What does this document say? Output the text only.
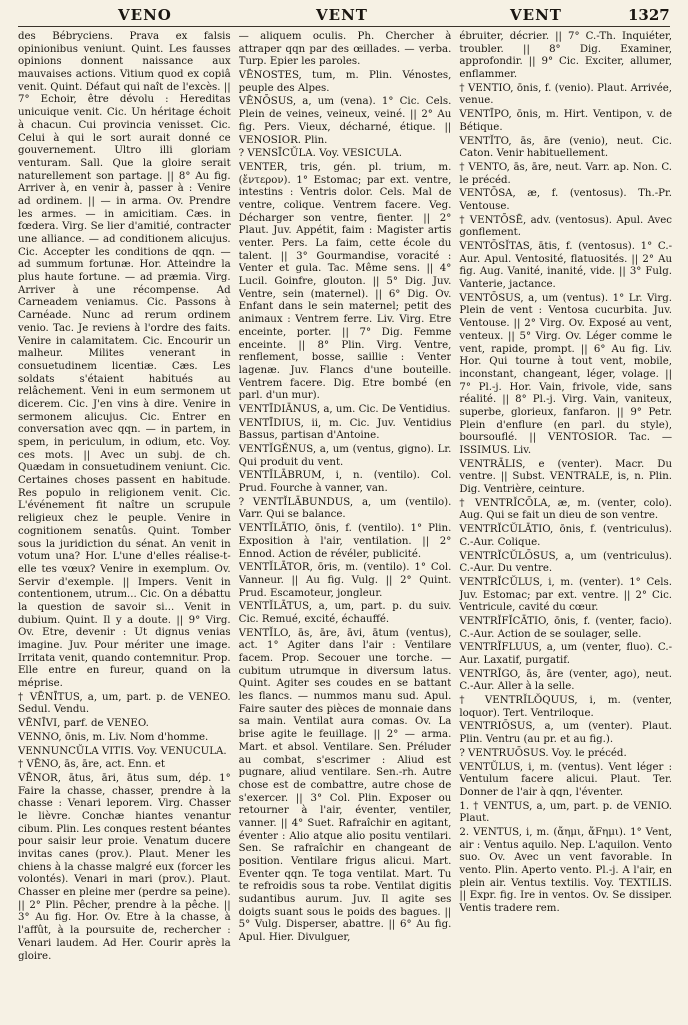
VENO	VENT	VENT	1327

des Bébryciens. Prava ex falsis opinionibus veniunt. Quint. Les fausses opinions donnent naissance aux mauvaises actions. Vitium quod ex copiâ venit. Quint. Défaut qui naît de l'excès. || 7° Echoir, être dévolu : Hereditas unicuique venit. Cic. Un héritage échoit à chacun. Cui provincia venisset. Cic. Celui à qui le sort aurait donné ce gouvernement. Ultro illi gloriam venturam. Sall. Que la gloire serait naturellement son partage. || 8° Au fig. Arriver à, en venir à, passer à : Venire ad ordinem. || — in arma. Ov. Prendre les armes. — in amicitiam. Cæs. in fœdera. Virg. Se lier d'amitié, contracter une alliance. — ad conditionem alicujus. Cic. Accepter les conditions de qqn. — ad summum fortunæ. Hor. Atteindre la plus haute fortune. — ad præmia. Virg. Arriver à une récompense. Ad Carneadem veniamus. Cic. Passons à Carnéade. Nunc ad rerum ordinem venio. Tac. Je reviens à l'ordre des faits. Venire in calamitatem. Cic. Encourir un malheur. Milites venerant in consuetudinem licentiæ. Cæs. Les soldats s'étaient habitués au relâchement. Veni in eum sermonem ut dicerem. Cic. J'en vins à dire. Venire in sermonem alicujus. Cic. Entrer en conversation avec qqn. — in partem, in spem, in periculum, in odium, etc. Voy. ces mots. || Avec un subj. de ch. Quædam in consuetudinem veniunt. Cic. Certaines choses passent en habitude. Res populo in religionem venit. Cic. L'événement fit naître un scrupule religieux chez le peuple. Venire in cognitionem senatûs. Quint. Tomber sous la juridiction du sénat. An venit in votum una? Hor. L'une d'elles réalise-t-elle tes vœux? Venire in exemplum. Ov. Servir d'exemple. || Impers. Venit in contentionem, utrum... Cic. On a débattu la question de savoir si... Venit in dubium. Quint. Il y a doute. || 9° Virg. Ov. Etre, devenir : Ut dignus venias imagine. Juv. Pour mériter une image. Irritata venit, quando contemnitur. Prop. Elle entre en fureur, quand on la méprise.

† VĒNĪTUS, a, um, part. p. de VENEO. Sedul. Vendu.

VĒNĪVI, parf. de VENEO.

VENNO, ōnis, m. Liv. Nom d'homme.

VENNUNCŬLA VITIS. Voy. VENUCULA.

† VĒNO, ās, āre, act. Enn. et

VĒNOR, ātus, āri, ātus sum, dép. 1° Faire la chasse, chasser, prendre à la chasse : Venari leporem. Virg. Chasser le lièvre. Conchæ hiantes venantur cibum. Plin. Les conques restent béantes pour saisir leur proie. Venatum ducere invitas canes (prov.). Plaut. Mener les chiens à la chasse malgré eux (forcer les volontés). Venari in mari (prov.). Plaut. Chasser en pleine mer (perdre sa peine). || 2° Plin. Pêcher, prendre à la pêche. || 3° Au fig. Hor. Ov. Etre à la chasse, à l'affût, à la poursuite de, rechercher : Venari laudem. Ad Her. Courir après la gloire.

— aliquem oculis. Ph. Chercher à attraper qqn par des œillades. — verba. Turp. Epier les paroles.

VĒNOSTES, tum, m. Plin. Vénostes, peuple des Alpes.

VĒNŌSUS, a, um (vena). 1° Cic. Cels. Plein de veines, veineux, veiné. || 2° Au fig. Pers. Vieux, décharné, étique. || VENOSIOR. Plin.

? VENSĪCŬLA. Voy. VESICULA.

VENTER, tris, gén. pl. trium, m. (ἔντερον). 1° Estomac; par ext. ventre, intestins : Ventris dolor. Cels. Mal de ventre, colique. Ventrem facere. Veg. Décharger son ventre, fienter. || 2° Plaut. Juv. Appétit, faim : Magister artis venter. Pers. La faim, cette école du talent. || 3° Gourmandise, voracité : Venter et gula. Tac. Même sens. || 4° Lucil. Goinfre, glouton. || 5° Dig. Juv. Ventre, sein (maternel). || 6° Dig. Ov. Enfant dans le sein maternel; petit des animaux : Ventrem ferre. Liv. Virg. Etre enceinte, porter. || 7° Dig. Femme enceinte. || 8° Plin. Virg. Ventre, renflement, bosse, saillie : Venter lagenæ. Juv. Flancs d'une bouteille. Ventrem facere. Dig. Etre bombé (en parl. d'un mur).

VENTĪDIĀNUS, a, um. Cic. De Ventidius.

VENTĪDIUS, ii, m. Cic. Juv. Ventidius Bassus, partisan d'Antoine.

VENTĬGĔNUS, a, um (ventus, gigno). Lr. Qui produit du vent.

VENTĬLĀBRUM, i, n. (ventilo). Col. Prud. Fourche à vanner, van.

? VENTĬLĀBUNDUS, a, um (ventilo). Varr. Qui se balance.

VENTĬLĀTIO, ōnis, f. (ventilo). 1° Plin. Exposition à l'air, ventilation. || 2° Ennod. Action de révéler, publicité.

VENTĬLĀTOR, ōris, m. (ventilo). 1° Col. Vanneur. || Au fig. Vulg. || 2° Quint. Prud. Escamoteur, jongleur.

VENTĬLĀTUS, a, um, part. p. du suiv. Cic. Remué, excité, échauffé.

VENTĬLO, ās, āre, āvi, ātum (ventus), act. 1° Agiter dans l'air : Ventilare facem. Prop. Secouer une torche. — cubitum utrumque in diversum latus. Quint. Agiter ses coudes en se battant les flancs. — nummos manu sud. Apul. Faire sauter des pièces de monnaie dans sa main. Ventilat aura comas. Ov. La brise agite le feuillage. || 2° — arma. Mart. et absol. Ventilare. Sen. Préluder au combat, s'escrimer : Aliud est pugnare, aliud ventilare. Sen.-rh. Autre chose est de combattre, autre chose de s'exercer. || 3° Col. Plin. Exposer ou retourner à l'air, éventer, ventiler, vanner. || 4° Suet. Rafraîchir en agitant, éventer : Alio atque alio positu ventilari. Sen. Se rafraîchir en changeant de position. Ventilare frigus alicui. Mart. Eventer qqn. Te toga ventilat. Mart. Tu te refroidis sous ta robe. Ventilat digitis sudantibus aurum. Juv. Il agite ses doigts suant sous le poids des bagues. || 5° Vulg. Disperser, abattre. || 6° Au fig. Apul. Hier. Divulguer,

ébruiter, décrier. || 7° C.-Th. Inquiéter, troubler. || 8° Dig. Examiner, approfondir. || 9° Cic. Exciter, allumer, enflammer.

† VENTIO, ōnis, f. (venio). Plaut. Arrivée, venue.

VENTĪPO, ōnis, m. Hirt. Ventipon, v. de Bétique.

VENTĬTO, ās, āre (venio), neut. Cic. Caton. Venir habituellement.

† VENTO, ās, āre, neut. Varr. ap. Non. C. le précéd.

VENTŌSA, æ, f. (ventosus). Th.-Pr. Ventouse.

† VENTŌSĒ, adv. (ventosus). Apul. Avec gonflement.

VENTŌSĬTAS, ātis, f. (ventosus). 1° C.-Aur. Apul. Ventosité, flatuosités. || 2° Au fig. Aug. Vanité, inanité, vide. || 3° Fulg. Vanterie, jactance.

VENTŌSUS, a, um (ventus). 1° Lr. Virg. Plein de vent : Ventosa cucurbita. Juv. Ventouse. || 2° Virg. Ov. Exposé au vent, venteux. || 5° Virg. Ov. Léger comme le vent, rapide, prompt. || 6° Au fig. Liv. Hor. Qui tourne à tout vent, mobile, inconstant, changeant, léger, volage. || 7° Pl.-j. Hor. Vain, frivole, vide, sans réalité. || 8° Pl.-j. Virg. Vain, vaniteux, superbe, glorieux, fanfaron. || 9° Petr. Plein d'enflure (en parl. du style), boursouflé. || VENTOSIOR. Tac. — ISSIMUS. Liv.

VENTRĀLIS, e (venter). Macr. Du ventre. || Subst. VENTRALE, is, n. Plin. Dig. Ventrière, ceinture.

† VENTRĬCŌLA, æ, m. (venter, colo). Aug. Qui se fait un dieu de son ventre.

VENTRĬCŬLĀTIO, ōnis, f. (ventriculus). C.-Aur. Colique.

VENTRĬCŬLŌSUS, a, um (ventriculus). C.-Aur. Du ventre.

VENTRĬCŬLUS, i, m. (venter). 1° Cels. Juv. Estomac; par ext. ventre. || 2° Cic. Ventricule, cavité du cœur.

VENTRĬFĬCĀTIO, ōnis, f. (venter, facio). C.-Aur. Action de se soulager, selle.

VENTRĬFLUUS, a, um (venter, fluo). C.-Aur. Laxatif, purgatif.

VENTRĬGO, ās, āre (venter, ago), neut. C.-Aur. Aller à la selle.

† VENTRĬLŎQUUS, i, m. (venter, loquor). Tert. Ventriloque.

VENTRIŌSUS, a, um (venter). Plaut. Plin. Ventru (au pr. et au fig.).

? VENTRUŌSUS. Voy. le précéd.

VENTŬLUS, i, m. (ventus). Vent léger : Ventulum facere alicui. Plaut. Ter. Donner de l'air à qqn, l'éventer.

1. † VENTUS, a, um, part. p. de VENIO. Plaut.

2. VENTUS, i, m. (ἄημι, ἄFημι). 1° Vent, air : Ventus aquilo. Nep. L'aquilon. Vento suo. Ov. Avec un vent favorable. In vento. Plin. Aperto vento. Pl.-j. A l'air, en plein air. Ventus textilis. Voy. TEXTILIS. || Expr. fig. Ire in ventos. Ov. Se dissiper. Ventis tradere rem.
